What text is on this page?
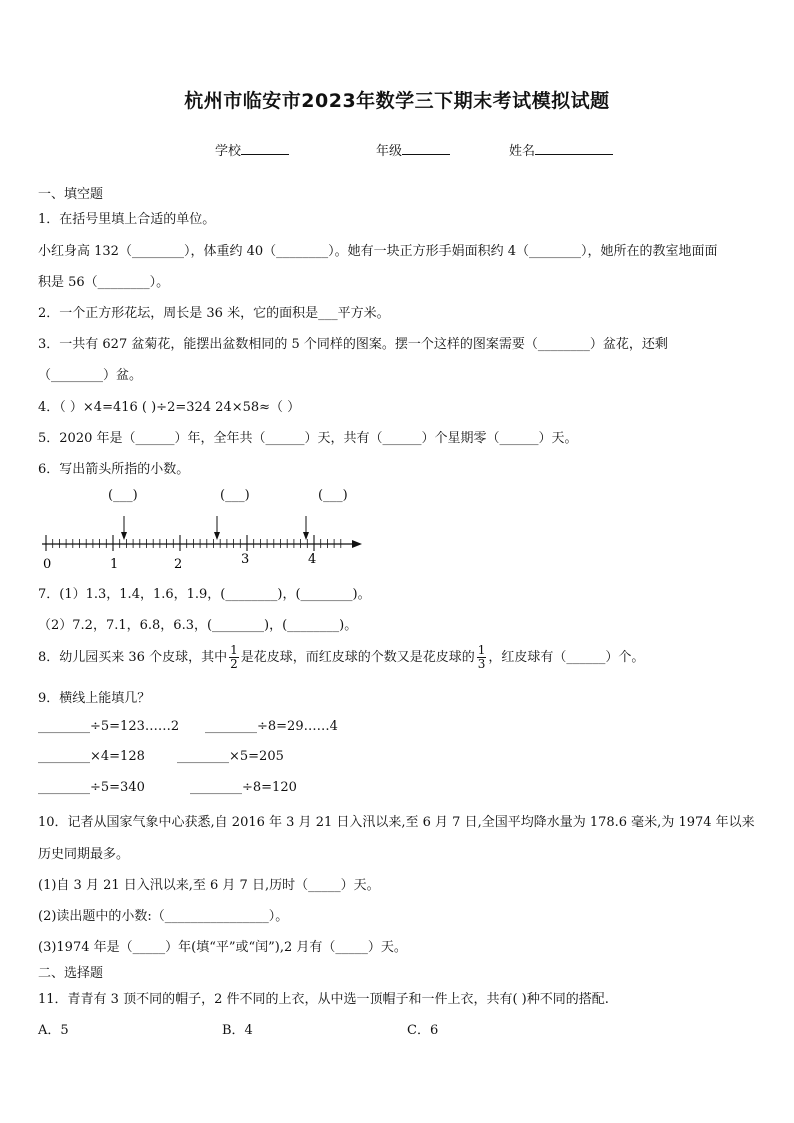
杭州市临安市2023年数学三下期末考试模拟试题
学校	年级	姓名
一、填空题
1．在括号里填上合适的单位。
小红身高 132（________），体重约 40（________）。她有一块正方形手娟面积约 4（________），她所在的教室地面面
积是 56（________）。
2．一个正方形花坛，周长是 36 米，它的面积是___平方米。
3．一共有 627 盆菊花，能摆出盆数相同的 5 个同样的图案。摆一个这样的图案需要（________）盆花，还剩
（________）盆。
4．（ ）×4=416 ( )÷2=324 24×58≈（ ）
5．2020 年是（______）年，全年共（______）天，共有（______）个星期零（______）天。
6．写出箭头所指的小数。
(___)	(___)	(___)
0	1	2	3	4
7．(1）1.3，1.4，1.6，1.9，(________)，(________)。
（2）7.2，7.1，6.8，6.3，(________)，(________)。
8．幼儿园买来 36 个皮球，其中 $\frac{1}{2}$ 是花皮球，而红皮球的个数又是花皮球的 $\frac{1}{3}$ ，红皮球有（______）个。
9．横线上能填几？
________÷5=123……2 ________÷8=29……4
________×4=128 ________×5=205
________÷5=340	________÷8=120
10．记者从国家气象中心获悉,自 2016 年 3 月 21 日入汛以来,至 6 月 7 日,全国平均降水量为 178.6 毫米,为 1974 年以来
历史同期最多。
(1)自 3 月 21 日入汛以来,至 6 月 7 日,历时（_____）天。
(2)读出题中的小数:（________________）。
(3)1974 年是（_____）年(填“平”或“闰”),2 月有（_____）天。
二、选择题
11．青青有 3 顶不同的帽子，2 件不同的上衣，从中选一顶帽子和一件上衣，共有( )种不同的搭配.
A．5	B．4	C．6
